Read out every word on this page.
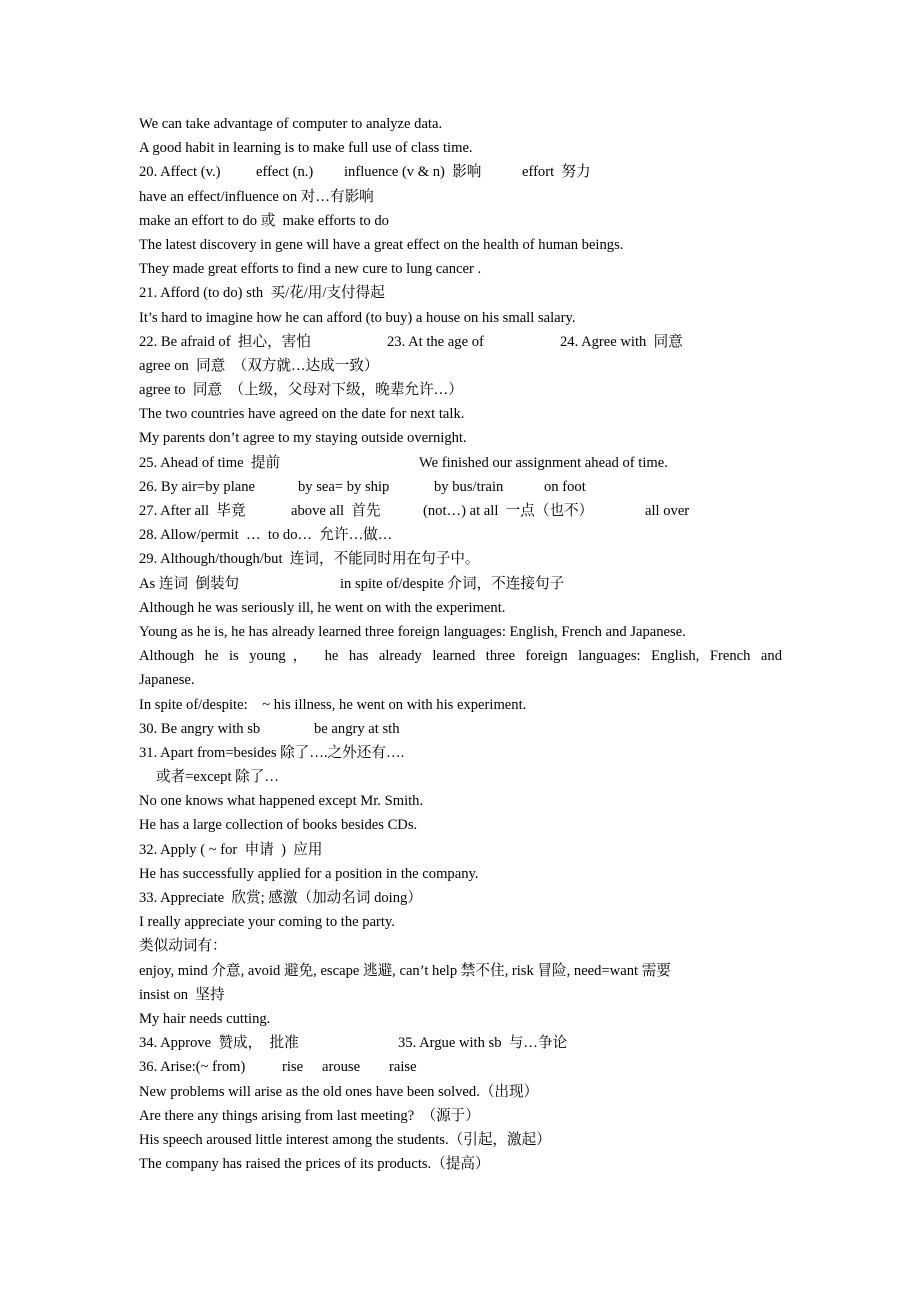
We can take advantage of computer to analyze data.
A good habit in learning is to make full use of class time.

20. Affect (v.)

effect (n.)

influence (v & n)  影响

	effort  努力

have an effect/influence on 对…有影响
make an effort to do 或  make efforts to do
The latest discovery in gene will have a great effect on the health of human beings.
They made great efforts to find a new cure to lung cancer .
21. Afford (to do) sth  买/花/用/支付得起
It’s hard to imagine how he can afford (to buy) a house on his small salary.

22. Be afraid of  担心，害怕

	23. At the age of

	24. Agree with  同意

agree on  同意  （双方就…达成一致）
agree to  同意  （上级，父母对下级，晚辈允许…）
The two countries have agreed on the date for next talk.
My parents don’t agree to my staying outside overnight.

25. Ahead of time  提前

	We finished our assignment ahead of time.

26. By air=by plane

	by sea= by ship

	by bus/train

	on foot

27. After all  毕竟

	above all  首先

	(not…) at all  一点（也不）

	all over

28. Allow/permit  …  to do…  允许…做…
29. Although/though/but  连词，不能同时用在句子中。

As 连词  倒装句

	in spite of/despite 介词，不连接句子

Although he was seriously ill, he went on with the experiment.
Young as he is, he has already learned three foreign languages: English, French and Japanese.
Although he is young， he has already learned three foreign languages: English, French and
Japanese.
In spite of/despite:    ~ his illness, he went on with his experiment.

30. Be angry with sb

	be angry at sth

31. Apart from=besides 除了….之外还有….
或者=except 除了…
No one knows what happened except Mr. Smith.
He has a large collection of books besides CDs.
32. Apply ( ~ for  申请  )  应用
He has successfully applied for a position in the company.
33. Appreciate  欣赏; 感激（加动名词 doing）
I really appreciate your coming to the party.
类似动词有：
enjoy, mind 介意, avoid 避免, escape 逃避, can’t help 禁不住, risk 冒险, need=want 需要
insist on  坚持
My hair needs cutting.

34. Approve  赞成，  批准

	35. Argue with sb  与…争论

36. Arise:(~ from)

	rise

arouse

raise

New problems will arise as the old ones have been solved.（出现）
Are there any things arising from last meeting?  （源于）
His speech aroused little interest among the students.（引起，激起）
The company has raised the prices of its products.（提高）
